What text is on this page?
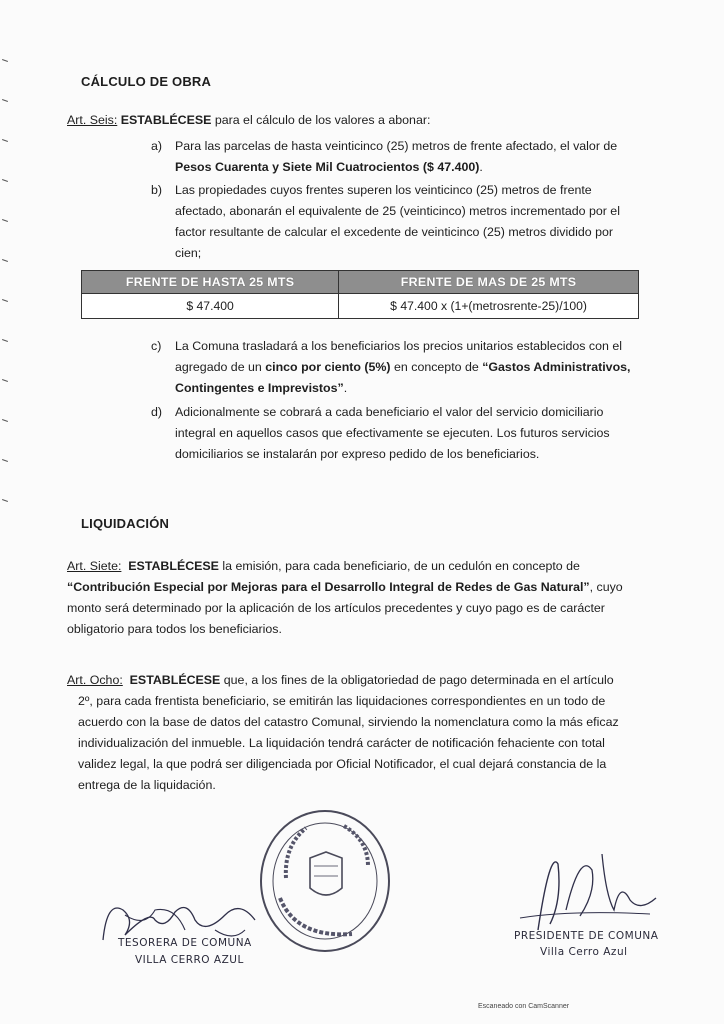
CÁLCULO DE OBRA
Art. Seis: ESTABLÉCESE para el cálculo de los valores a abonar:
a) Para las parcelas de hasta veinticinco (25) metros de frente afectado, el valor de
Pesos Cuarenta y Siete Mil Cuatrocientos ($ 47.400).
b) Las propiedades cuyos frentes superen los veinticinco (25) metros de frente
afectado, abonarán el equivalente de 25 (veinticinco) metros incrementado por el
factor resultante de calcular el excedente de veinticinco (25) metros dividido por
cien;
FRENTE DE HASTA 25 MTS	FRENTE DE MAS DE 25 MTS
$ 47.400	$ 47.400 x (1+(metrosrente-25)/100)
c) La Comuna trasladará a los beneficiarios los precios unitarios establecidos con el
agregado de un cinco por ciento (5%) en concepto de “Gastos Administrativos,
Contingentes e Imprevistos”.
d) Adicionalmente se cobrará a cada beneficiario el valor del servicio domiciliario
integral en aquellos casos que efectivamente se ejecuten. Los futuros servicios
domiciliarios se instalarán por expreso pedido de los beneficiarios.
LIQUIDACIÓN
Art. Siete: ESTABLÉCESE la emisión, para cada beneficiario, de un cedulón en concepto de
“Contribución Especial por Mejoras para el Desarrollo Integral de Redes de Gas Natural”, cuyo
monto será determinado por la aplicación de los artículos precedentes y cuyo pago es de carácter
obligatorio para todos los beneficiarios.
Art. Ocho: ESTABLÉCESE que, a los fines de la obligatoriedad de pago determinada en el artículo
2º, para cada frentista beneficiario, se emitirán las liquidaciones correspondientes en un todo de
acuerdo con la base de datos del catastro Comunal, sirviendo la nomenclatura como la más eficaz
individualización del inmueble. La liquidación tendrá carácter de notificación fehaciente con total
validez legal, la que podrá ser diligenciada por Oficial Notificador, el cual dejará constancia de la
entrega de la liquidación.
TESORERA DE COMUNA
VILLA CERRO AZUL
PRESIDENTE DE COMUNA
Villa Cerro Azul
Escaneado con CamScanner
